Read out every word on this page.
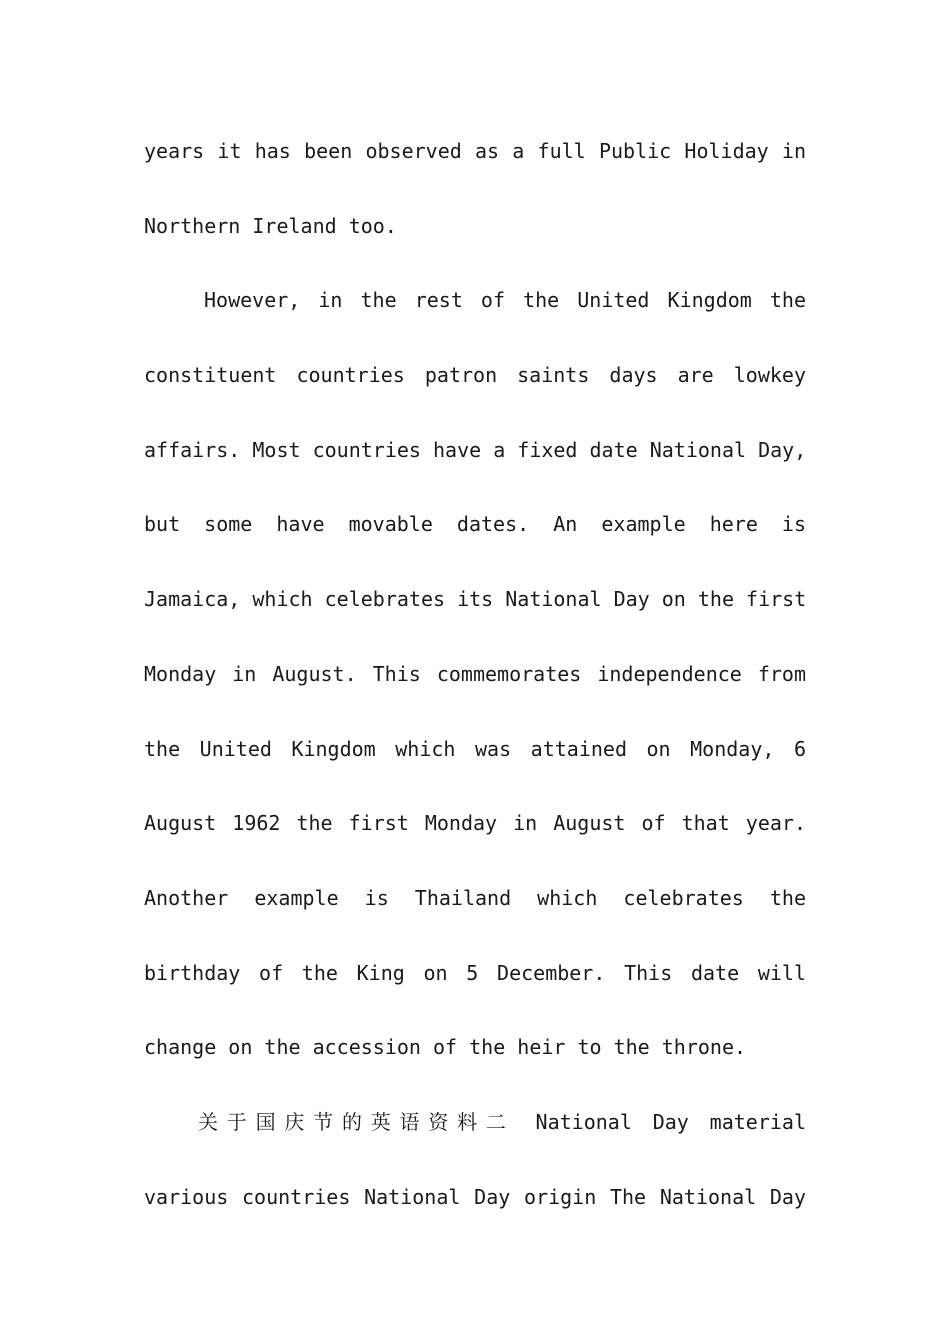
years it has been observed as a full Public Holiday in
Northern Ireland too.
However, in the rest of the United Kingdom the
constituent countries patron saints days are lowkey
affairs. Most countries have a fixed date National Day,
but some have movable dates. An example here is
Jamaica, which celebrates its National Day on the first
Monday in August. This commemorates independence from
the United Kingdom which was attained on Monday, 6
August 1962 the first Monday in August of that year.
Another example is Thailand which celebrates the
birthday of the King on 5 December. This date will
change on the accession of the heir to the throne.
关于国庆节的英语资料二 National Day material
various countries National Day origin The National Day
